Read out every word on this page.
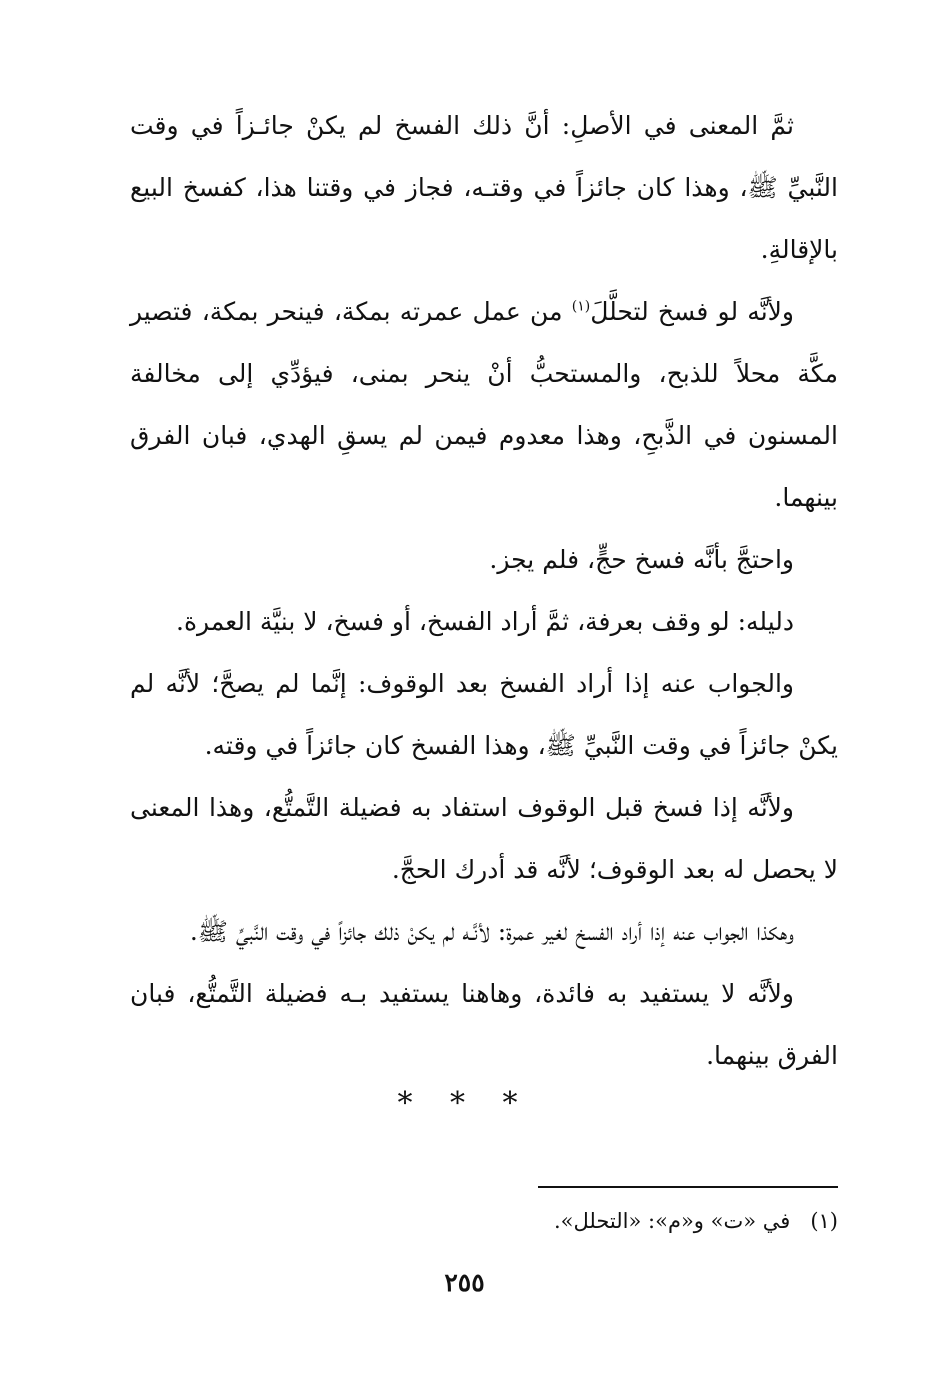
ثمَّ المعنى في الأصلِ: أنَّ ذلك الفسخ لم يكنْ جائـزاً في وقت النَّبيِّ ﷺ، وهذا كان جائزاً في وقتـه، فجاز في وقتنا هذا، كفسخ البيع بالإقالةِ.

ولأنَّه لو فسخ لتحلَّلَ$^{(١)}$ من عمل عمرته بمكة، فينحر بمكة، فتصير مكَّة محلاً للذبح، والمستحبُّ أنْ ينحر بمنى، فيؤدِّي إلى مخالفة المسنون في الذَّبحِ، وهذا معدوم فيمن لم يسقِ الهدي، فبان الفرق بينهما.

واحتجَّ بأنَّه فسخ حجٍّ، فلم يجز.

دليله: لو وقف بعرفة، ثمَّ أراد الفسخ، أو فسخ، لا بنيَّة العمرة.

والجواب عنه إذا أراد الفسخ بعد الوقوف: إنَّما لم يصحَّ؛ لأنَّه لم يكنْ جائزاً في وقت النَّبيِّ ﷺ، وهذا الفسخ كان جائزاً في وقته.

ولأنَّه إذا فسخ قبل الوقوف استفاد به فضيلة التَّمتُّع، وهذا المعنى لا يحصل له بعد الوقوف؛ لأنَّه قد أدرك الحجَّ.

وهكذا الجواب عنه إذا أراد الفسخ لغير عمرة: لأنَّـه لم يكنْ ذلك جائزاً في وقت النَّبيِّ ﷺ.

ولأنَّه لا يستفيد به فائدة، وهاهنا يستفيد بـه فضيلة التَّمتُّع، فبان الفرق بينهما.

* * *
(١)في «ت» و«م»: «التحلل».
٢٥٥
